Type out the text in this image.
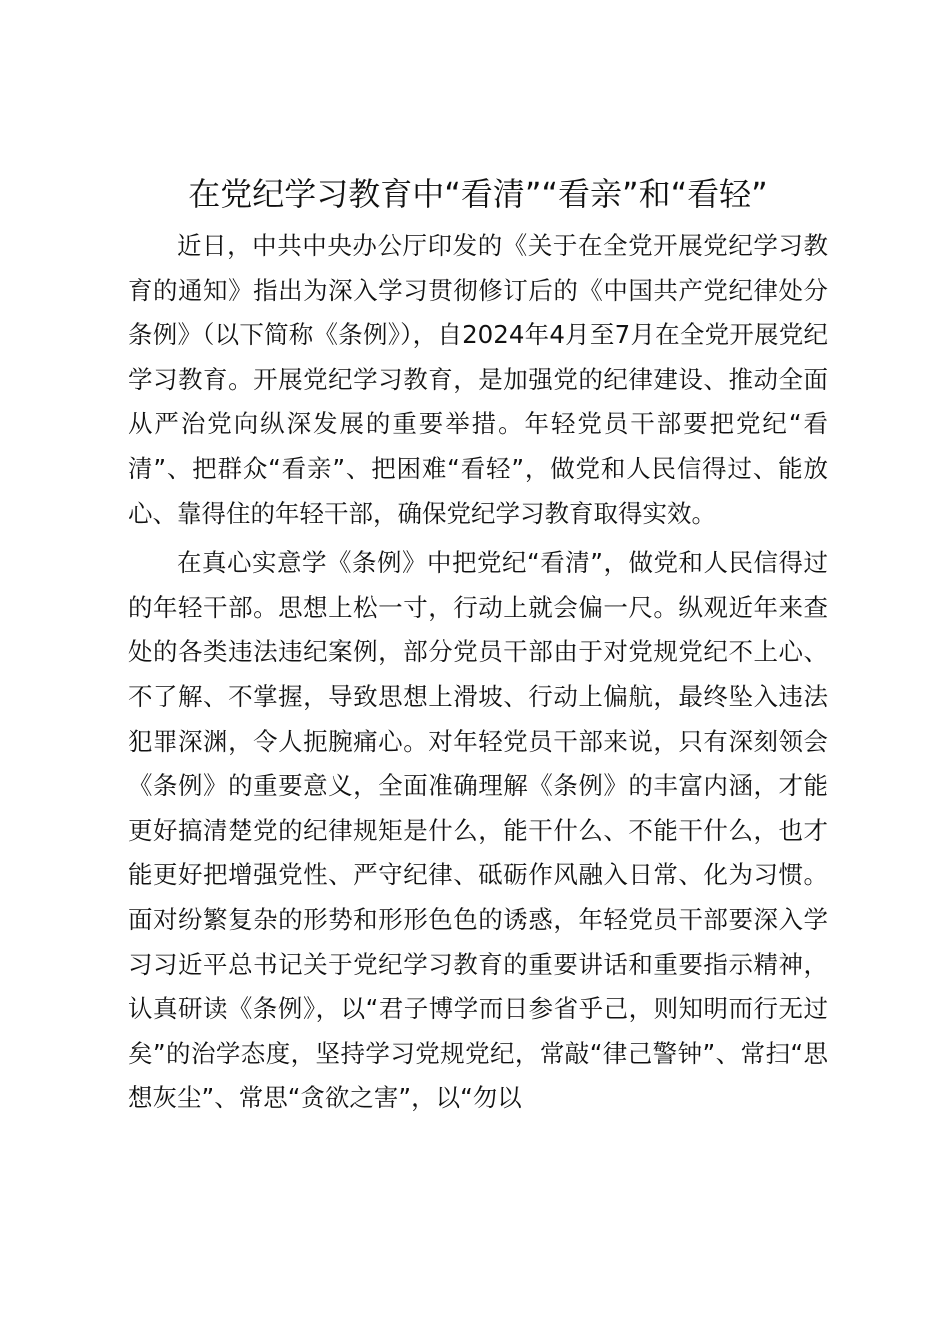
在党纪学习教育中“看清”“看亲”和“看轻”

近日，中共中央办公厅印发的《关于在全党开展党纪学习教育的通知》指出为深入学习贯彻修订后的《中国共产党纪律处分条例》（以下简称《条例》），自2024年4月至7月在全党开展党纪学习教育。开展党纪学习教育，是加强党的纪律建设、推动全面从严治党向纵深发展的重要举措。年轻党员干部要把党纪“看清”、把群众“看亲”、把困难“看轻”，做党和人民信得过、能放心、靠得住的年轻干部，确保党纪学习教育取得实效。

在真心实意学《条例》中把党纪“看清”，做党和人民信得过的年轻干部。思想上松一寸，行动上就会偏一尺。纵观近年来查处的各类违法违纪案例，部分党员干部由于对党规党纪不上心、不了解、不掌握，导致思想上滑坡、行动上偏航，最终坠入违法犯罪深渊，令人扼腕痛心。对年轻党员干部来说，只有深刻领会《条例》的重要意义，全面准确理解《条例》的丰富内涵，才能更好搞清楚党的纪律规矩是什么，能干什么、不能干什么，也才能更好把增强党性、严守纪律、砥砺作风融入日常、化为习惯。面对纷繁复杂的形势和形形色色的诱惑，年轻党员干部要深入学习习近平总书记关于党纪学习教育的重要讲话和重要指示精神，认真研读《条例》，以“君子博学而日参省乎己，则知明而行无过矣”的治学态度，坚持学习党规党纪，常敲“律己警钟”、常扫“思想灰尘”、常思“贪欲之害”，以“勿以
